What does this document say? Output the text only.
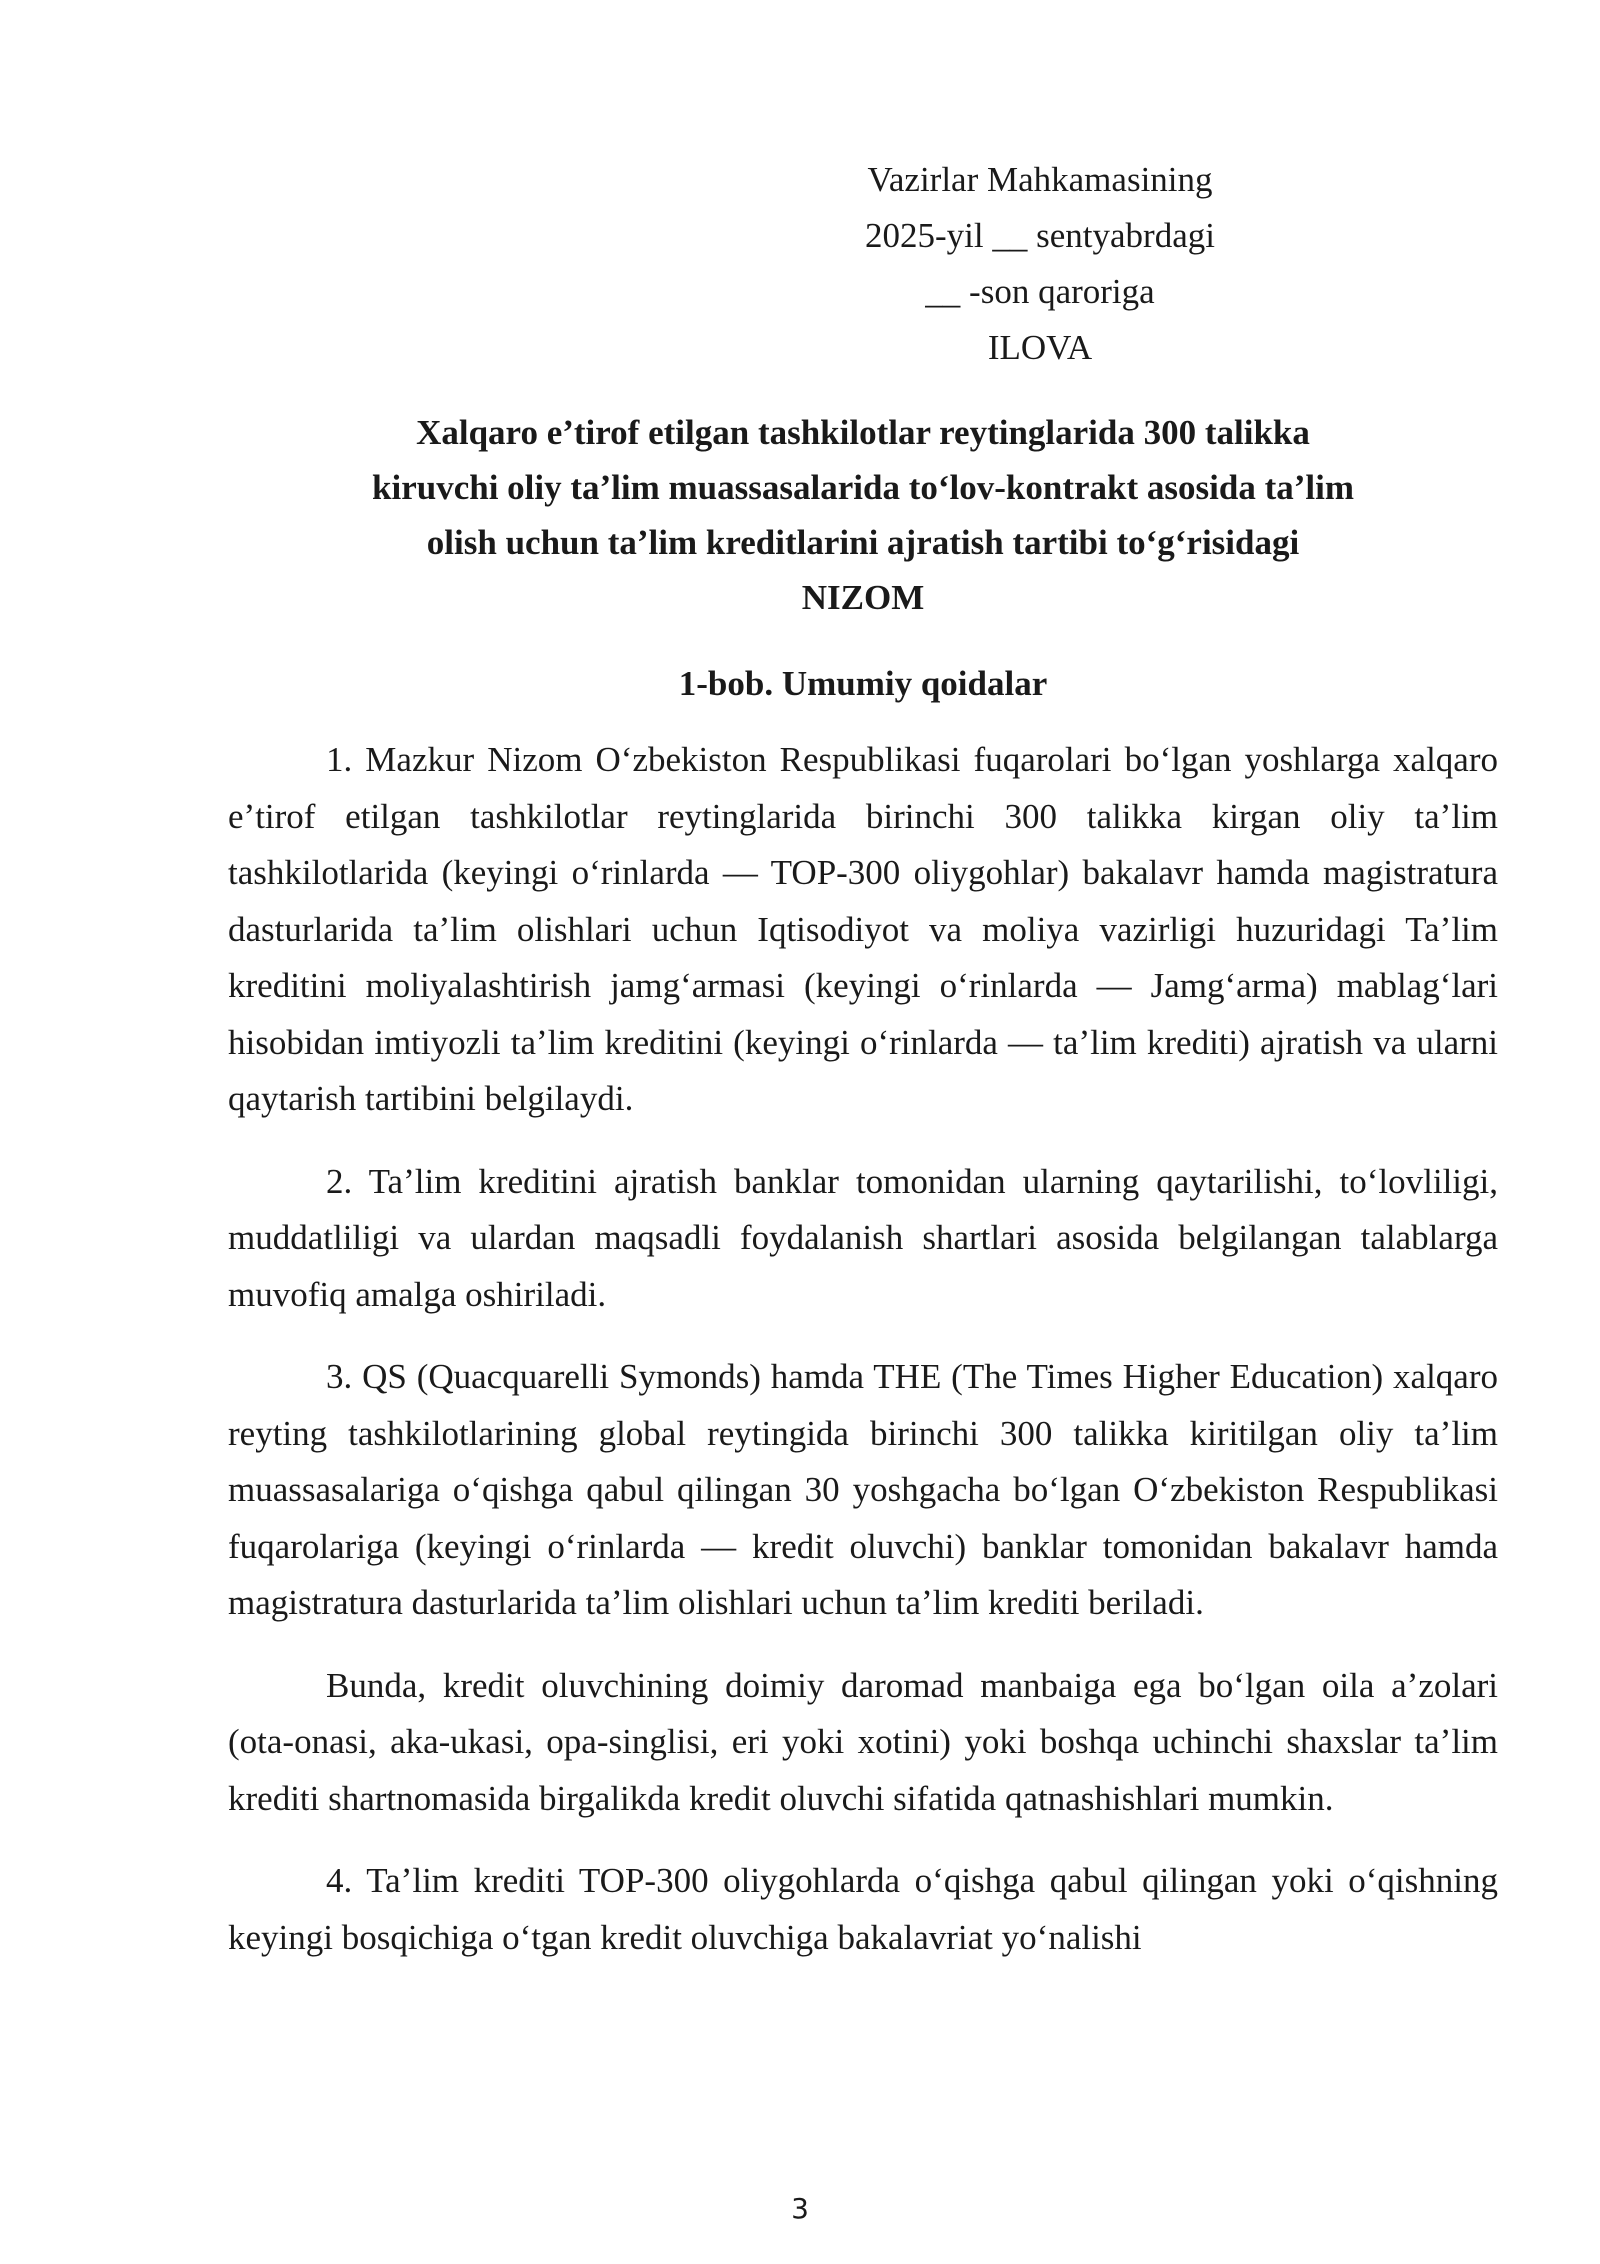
Vazirlar Mahkamasining
2025-yil __ sentyabrdagi
__ -son qaroriga
ILOVA
Xalqaro eʼtirof etilgan tashkilotlar reytinglarida 300 talikka
kiruvchi oliy taʼlim muassasalarida toʻlov-kontrakt asosida taʼlim
olish uchun taʼlim kreditlarini ajratish tartibi toʻgʻrisidagi
NIZOM
1-bob. Umumiy qoidalar

1. Mazkur Nizom Oʻzbekiston Respublikasi fuqarolari boʻlgan yoshlarga xalqaro eʼtirof etilgan tashkilotlar reytinglarida birinchi 300 talikka kirgan oliy taʼlim tashkilotlarida (keyingi oʻrinlarda — TOP-300 oliygohlar) bakalavr hamda magistratura dasturlarida taʼlim olishlari uchun Iqtisodiyot va moliya vazirligi huzuridagi Taʼlim kreditini moliyalashtirish jamgʻarmasi (keyingi oʻrinlarda — Jamgʻarma) mablagʻlari hisobidan imtiyozli taʼlim kreditini (keyingi oʻrinlarda — taʼlim krediti) ajratish va ularni qaytarish tartibini belgilaydi.

2. Taʼlim kreditini ajratish banklar tomonidan ularning qaytarilishi, toʻlovliligi, muddatliligi va ulardan maqsadli foydalanish shartlari asosida belgilangan talablarga muvofiq amalga oshiriladi.

3. QS (Quacquarelli Symonds) hamda THE (The Times Higher Education) xalqaro reyting tashkilotlarining global reytingida birinchi 300 talikka kiritilgan oliy taʼlim muassasalariga oʻqishga qabul qilingan 30 yoshgacha boʻlgan Oʻzbekiston Respublikasi fuqarolariga (keyingi oʻrinlarda — kredit oluvchi) banklar tomonidan bakalavr hamda magistratura dasturlarida taʼlim olishlari uchun taʼlim krediti beriladi.

Bunda, kredit oluvchining doimiy daromad manbaiga ega boʻlgan oila aʼzolari (ota-onasi, aka-ukasi, opa-singlisi, eri yoki xotini) yoki boshqa uchinchi shaxslar taʼlim krediti shartnomasida birgalikda kredit oluvchi sifatida qatnashishlari mumkin.

4. Taʼlim krediti TOP-300 oliygohlarda oʻqishga qabul qilingan yoki oʻqishning keyingi bosqichiga oʻtgan kredit oluvchiga bakalavriat yoʻnalishi

3
